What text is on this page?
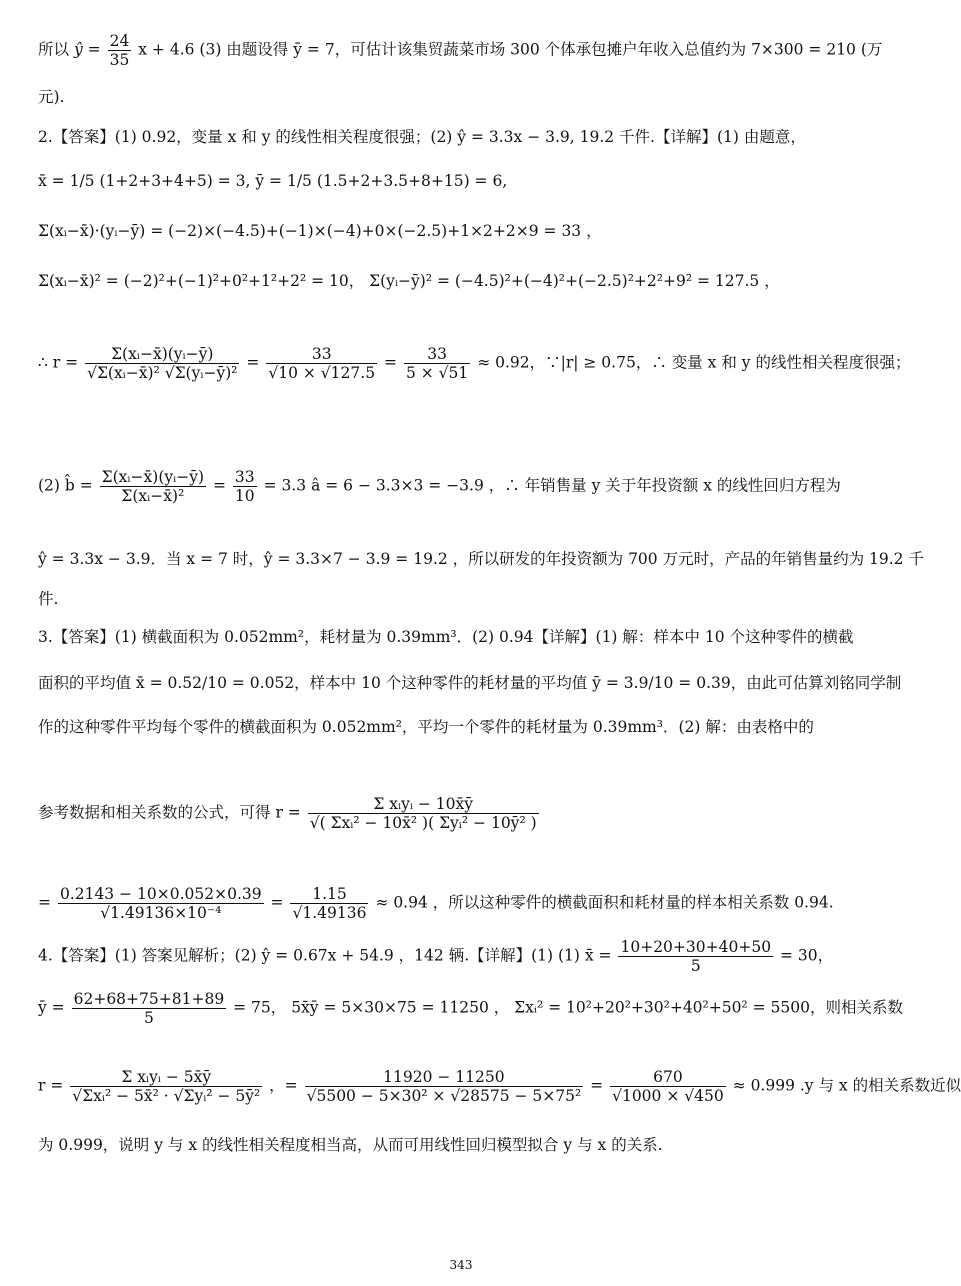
所以 ŷ = $\frac{24}{35}$ x + 4.6 (3) 由题设得 ȳ = 7，可估计该集贸蔬菜市场 300 个体承包摊户年收入总值约为 7×300 = 210 (万
元).
2.【答案】(1) 0.92，变量 x 和 y 的线性相关程度很强；(2) ŷ = 3.3x − 3.9, 19.2 千件.【详解】(1) 由题意，
x̄ = 1/5 (1+2+3+4+5) = 3, ȳ = 1/5 (1.5+2+3.5+8+15) = 6,
Σ(xᵢ−x̄)·(yᵢ−ȳ) = (−2)×(−4.5)+(−1)×(−4)+0×(−2.5)+1×2+2×9 = 33 ，
Σ(xᵢ−x̄)² = (−2)²+(−1)²+0²+1²+2² = 10， Σ(yᵢ−ȳ)² = (−4.5)²+(−4)²+(−2.5)²+2²+9² = 127.5 ，
∴ $r = \frac{\text{Σ(xᵢ−x̄)(yᵢ−ȳ)}}{\text{√Σ(xᵢ−x̄)² √Σ(yᵢ−ȳ)²}} = \frac{33}{√10 \times √127.5} = \frac{33}{5 \times √51} \approx 0.92$，∵|r| ≥ 0.75，∴ 变量 x 和 y 的线性相关程度很强；
(2) b̂ = $\frac{\text{Σ(xᵢ−x̄)(yᵢ−ȳ)}}{\text{Σ(xᵢ−x̄)²}} = \frac{33}{10} = 3.3$ â = 6 − 3.3×3 = −3.9 ，∴ 年销售量 y 关于年投资额 x 的线性回归方程为
ŷ = 3.3x − 3.9．当 x = 7 时，ŷ = 3.3×7 − 3.9 = 19.2 ，所以研发的年投资额为 700 万元时，产品的年销售量约为 19.2 千
件.
3.【答案】(1) 横截面积为 0.052mm²，耗材量为 0.39mm³．(2) 0.94【详解】(1) 解：样本中 10 个这种零件的横截
面积的平均值 x̄ = 0.52/10 = 0.052，样本中 10 个这种零件的耗材量的平均值 ȳ = 3.9/10 = 0.39，由此可估算刘铭同学制
作的这种零件平均每个零件的横截面积为 0.052mm²，平均一个零件的耗材量为 0.39mm³．(2) 解：由表格中的
参考数据和相关系数的公式，可得 $r = \frac{\text{Σ xᵢyᵢ − 10x̄ȳ}}{\text{√( Σxᵢ² − 10x̄² )( Σyᵢ² − 10ȳ² )}}$
= $\frac{0.2143 - 10\times 0.052\times 0.39}{\text{√1.49136×10⁻⁴}} = \frac{1.15}{√1.49136} \approx 0.94$ ，所以这种零件的横截面积和耗材量的样本相关系数 0.94.
4.【答案】(1) 答案见解析；(2) ŷ = 0.67x + 54.9 ，142 辆.【详解】(1) (1) x̄ = $\frac{10+20+30+40+50}{5} = 30$，
ȳ = $\frac{62+68+75+81+89}{5} = 75$， 5x̄ȳ = 5×30×75 = 11250 ， Σxᵢ² = 10²+20²+30²+40²+50² = 5500，则相关系数
$r = \frac{\text{Σ xᵢyᵢ − 5x̄ȳ}}{\text{√Σxᵢ² − 5x̄² · √Σyᵢ² − 5ȳ²}}$ ，= $\frac{11920 - 11250}{\text{√5500 − 5×30² × √28575 − 5×75²}} = \frac{670}{√1000 \times √450} \approx 0.999$ .y 与 x 的相关系数近似
为 0.999，说明 y 与 x 的线性相关程度相当高，从而可用线性回归模型拟合 y 与 x 的关系.
343
